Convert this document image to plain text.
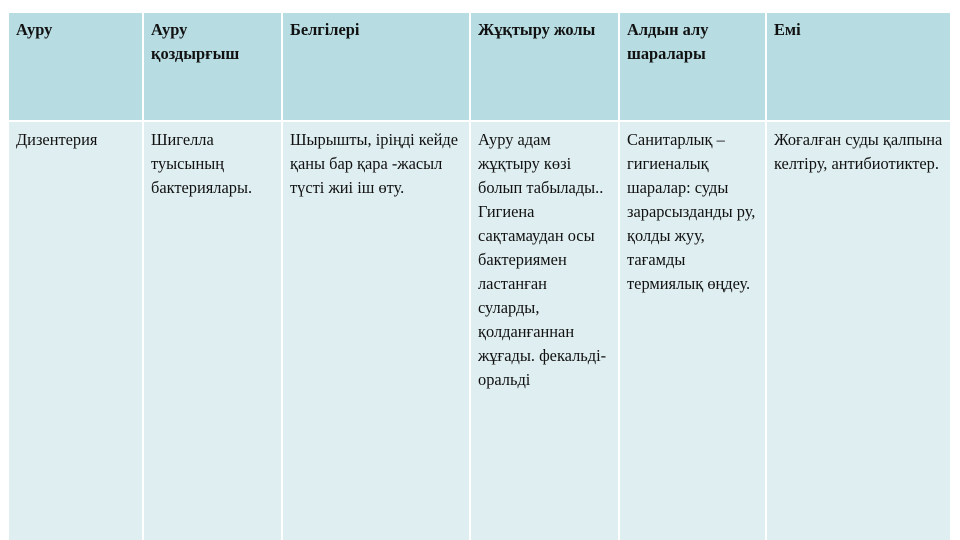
Ауру	Ауру қоздырғыш	Белгілері	Жұқтыру жолы	Алдын алу шаралары	Емі
Дизентерия	Шигелла туысының бактериялары.	Шырышты, іріңді кейде қаны бар қара -жасыл түсті жиі іш өту.	Ауру адам жұқтыру көзі болып табылады.. Гигиена сақтамаудан осы бактериямен ластанған суларды, қолданғаннан жұғады. фекальді-оральді	Санитарлық – гигиеналық шаралар: суды зарарсызданды ру, қолды жуу, тағамды термиялық өңдеу.	Жоғалған суды қалпына келтіру, антибиотиктер.
